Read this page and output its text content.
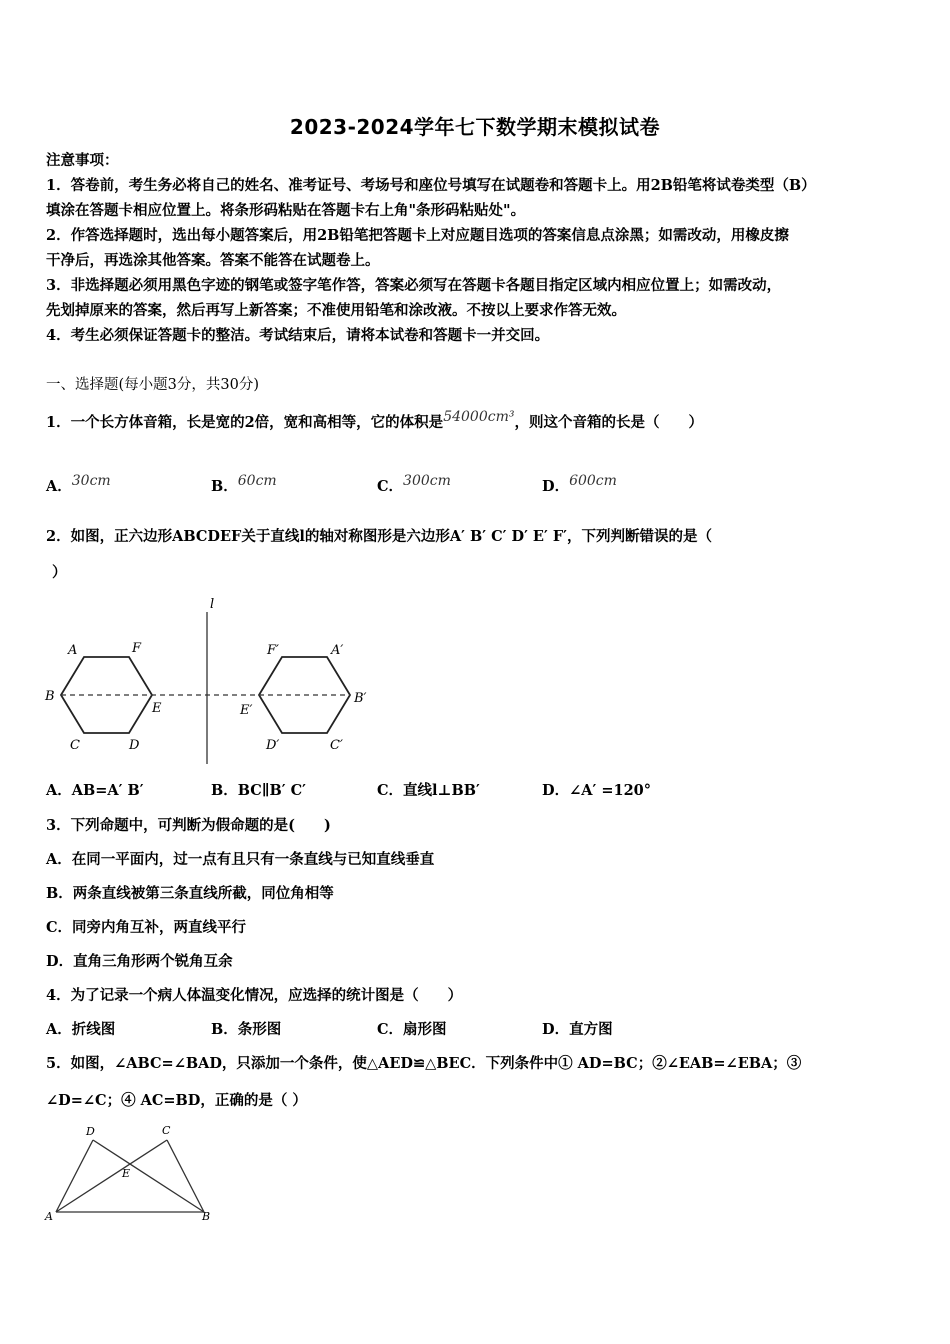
2023-2024学年七下数学期末模拟试卷
注意事项：
1．答卷前，考生务必将自己的姓名、准考证号、考场号和座位号填写在试题卷和答题卡上。用2B铅笔将试卷类型（B）
填涂在答题卡相应位置上。将条形码粘贴在答题卡右上角"条形码粘贴处"。
2．作答选择题时，选出每小题答案后，用2B铅笔把答题卡上对应题目选项的答案信息点涂黑；如需改动，用橡皮擦
干净后，再选涂其他答案。答案不能答在试题卷上。
3．非选择题必须用黑色字迹的钢笔或签字笔作答，答案必须写在答题卡各题目指定区域内相应位置上；如需改动，
先划掉原来的答案，然后再写上新答案；不准使用铅笔和涂改液。不按以上要求作答无效。
4．考生必须保证答题卡的整洁。考试结束后，请将本试卷和答题卡一并交回。
一、选择题(每小题3分，共30分)
1．一个长方体音箱，长是宽的2倍，宽和高相等，它的体积是54000cm³，则这个音箱的长是（　　）
A．30cm	B．60cm	C．300cm	D．600cm
2．如图，正六边形ABCDEF关于直线l的轴对称图形是六边形A′ B′ C′ D′ E′ F′，下列判断错误的是（
）
l
A	F
B
E
C	D
F′	A′
E′
B′
D′	C′
A．AB=A′ B′	B．BC∥B′ C′	C．直线l⊥BB′	D．∠A′ =120°
3．下列命题中，可判断为假命题的是(　　)
A．在同一平面内，过一点有且只有一条直线与已知直线垂直
B．两条直线被第三条直线所截，同位角相等
C．同旁内角互补，两直线平行
D．直角三角形两个锐角互余
4．为了记录一个病人体温变化情况，应选择的统计图是（　　）
A．折线图	B．条形图	C．扇形图	D．直方图
5．如图，∠ABC=∠BAD，只添加一个条件，使△AED≌△BEC．下列条件中① AD=BC；②∠EAB=∠EBA；③
∠D=∠C；④ AC=BD，正确的是（ ）
D	C
E
A	B
